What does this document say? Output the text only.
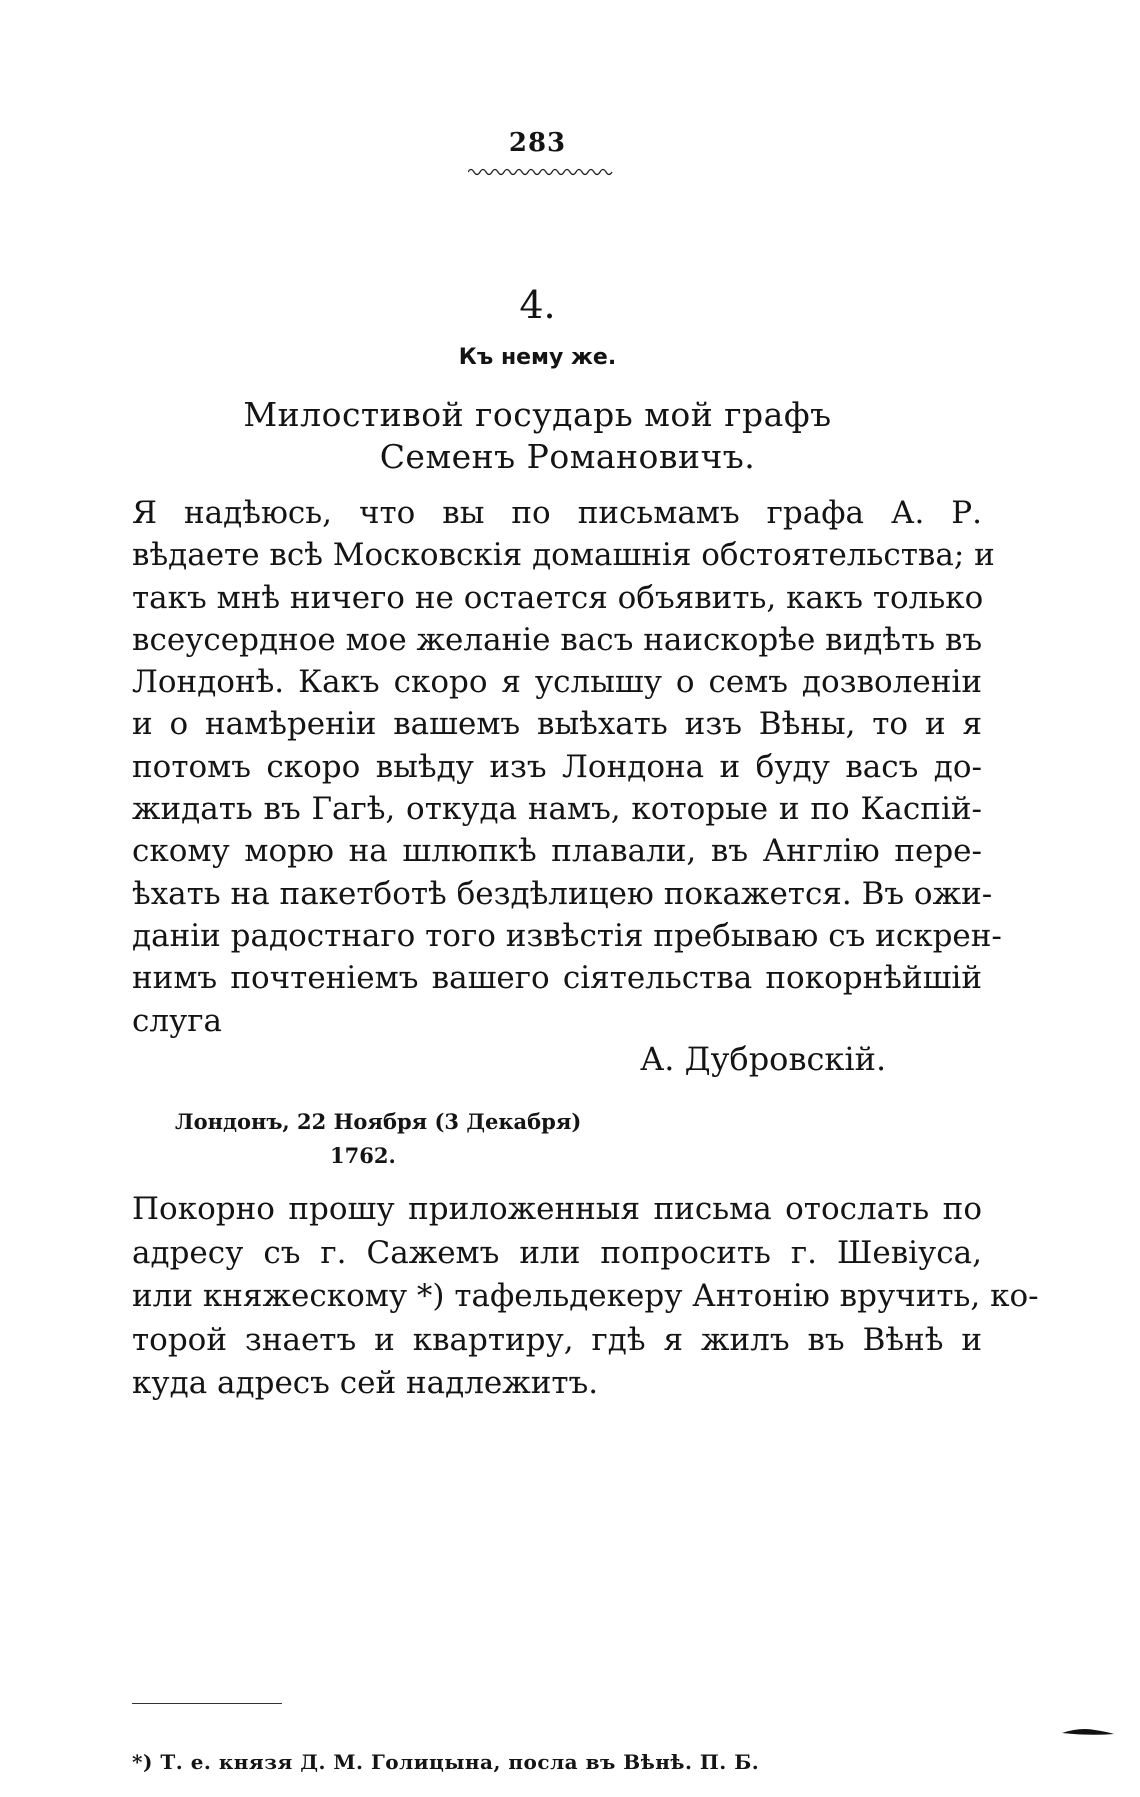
283
4.
Къ нему же.
Милостивой государь мой графъ
Семенъ Романовичъ.
Я надѣюсь, что вы по письмамъ графа А. Р.
вѣдаете всѣ Московскія домашнія обстоятельства; и
такъ мнѣ ничего не остается объявить, какъ только
всеусердное мое желаніе васъ наискорѣе видѣть въ
Лондонѣ. Какъ скоро я услышу о семъ дозволеніи
и о намѣреніи вашемъ выѣхать изъ Вѣны, то и я
потомъ скоро выѣду изъ Лондона и буду васъ до-
жидать въ Гагѣ, откуда намъ, которые и по Каспій-
скому морю на шлюпкѣ плавали, въ Англію пере-
ѣхать на пакетботѣ бездѣлицею покажется. Въ ожи-
даніи радостнаго того извѣстія пребываю съ искрен-
нимъ почтеніемъ вашего сіятельства покорнѣйшій
слуга
А. Дубровскій.
Лондонъ, 22 Ноября (3 Декабря)
1762.
Покорно прошу приложенныя письма отослать по
адресу съ г. Сажемъ или попросить г. Шевіуса,
или княжескому *) тафельдекеру Антонію вручить, ко-
торой знаетъ и квартиру, гдѣ я жилъ въ Вѣнѣ и
куда адресъ сей надлежитъ.
*) Т. е. князя Д. М. Голицына, посла въ Вѣнѣ. П. Б.
